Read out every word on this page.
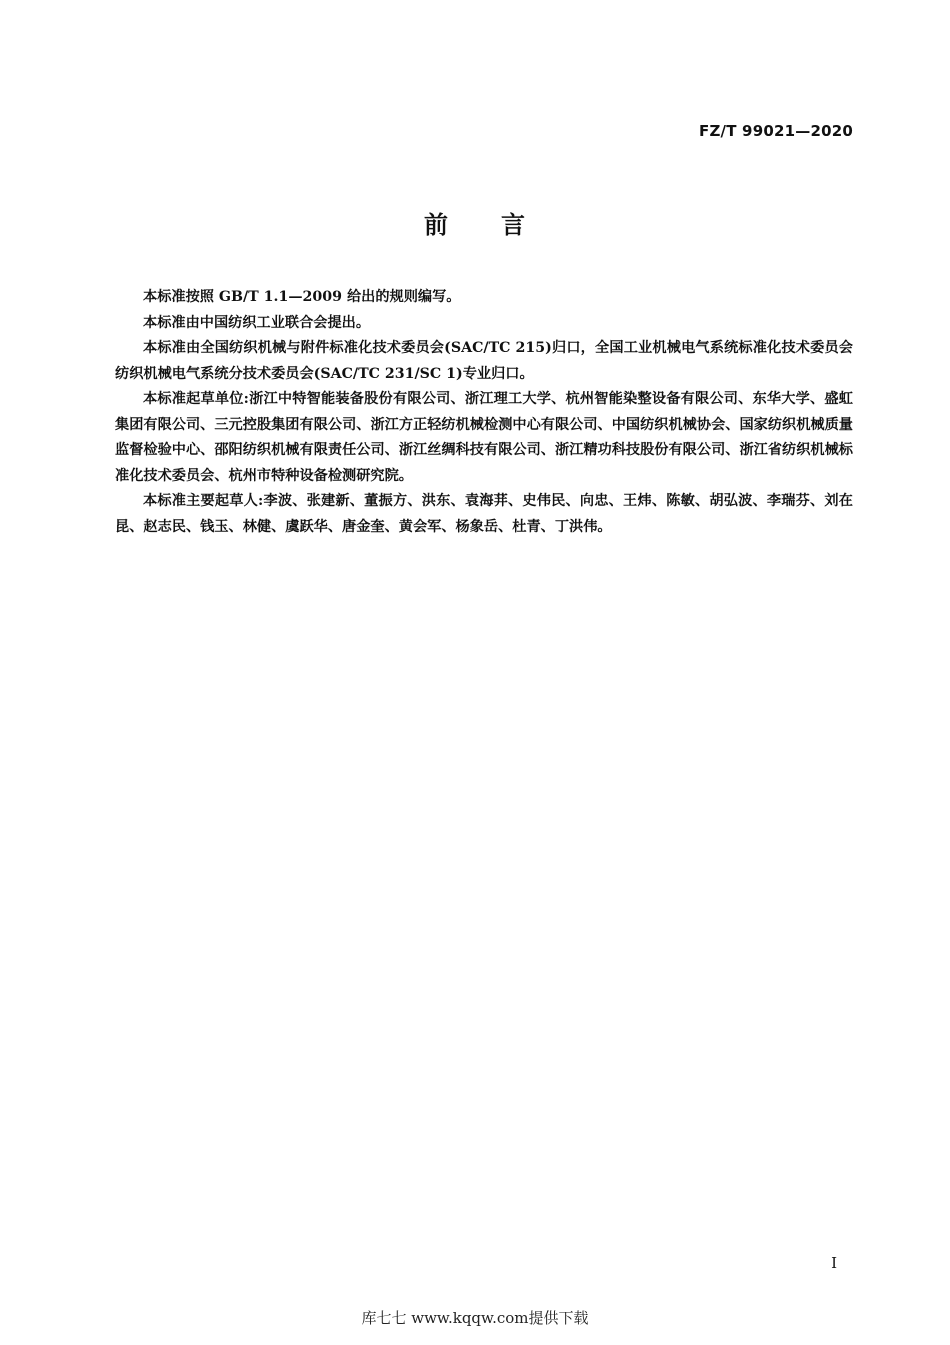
FZ/T 99021—2020
前 言

本标准按照 GB/T 1.1—2009 给出的规则编写。

本标准由中国纺织工业联合会提出。

本标准由全国纺织机械与附件标准化技术委员会(SAC/TC 215)归口，全国工业机械电气系统标准化技术委员会纺织机械电气系统分技术委员会(SAC/TC 231/SC 1)专业归口。

本标准起草单位:浙江中特智能装备股份有限公司、浙江理工大学、杭州智能染整设备有限公司、东华大学、盛虹集团有限公司、三元控股集团有限公司、浙江方正轻纺机械检测中心有限公司、中国纺织机械协会、国家纺织机械质量监督检验中心、邵阳纺织机械有限责任公司、浙江丝绸科技有限公司、浙江精功科技股份有限公司、浙江省纺织机械标准化技术委员会、杭州市特种设备检测研究院。

本标准主要起草人:李波、张建新、董振方、洪东、袁海荓、史伟民、向忠、王炜、陈敏、胡弘波、李瑞芬、刘在昆、赵志民、钱玉、林健、虞跃华、唐金奎、黄会军、杨象岳、杜青、丁洪伟。

I
库七七 www.kqqw.com提供下载
